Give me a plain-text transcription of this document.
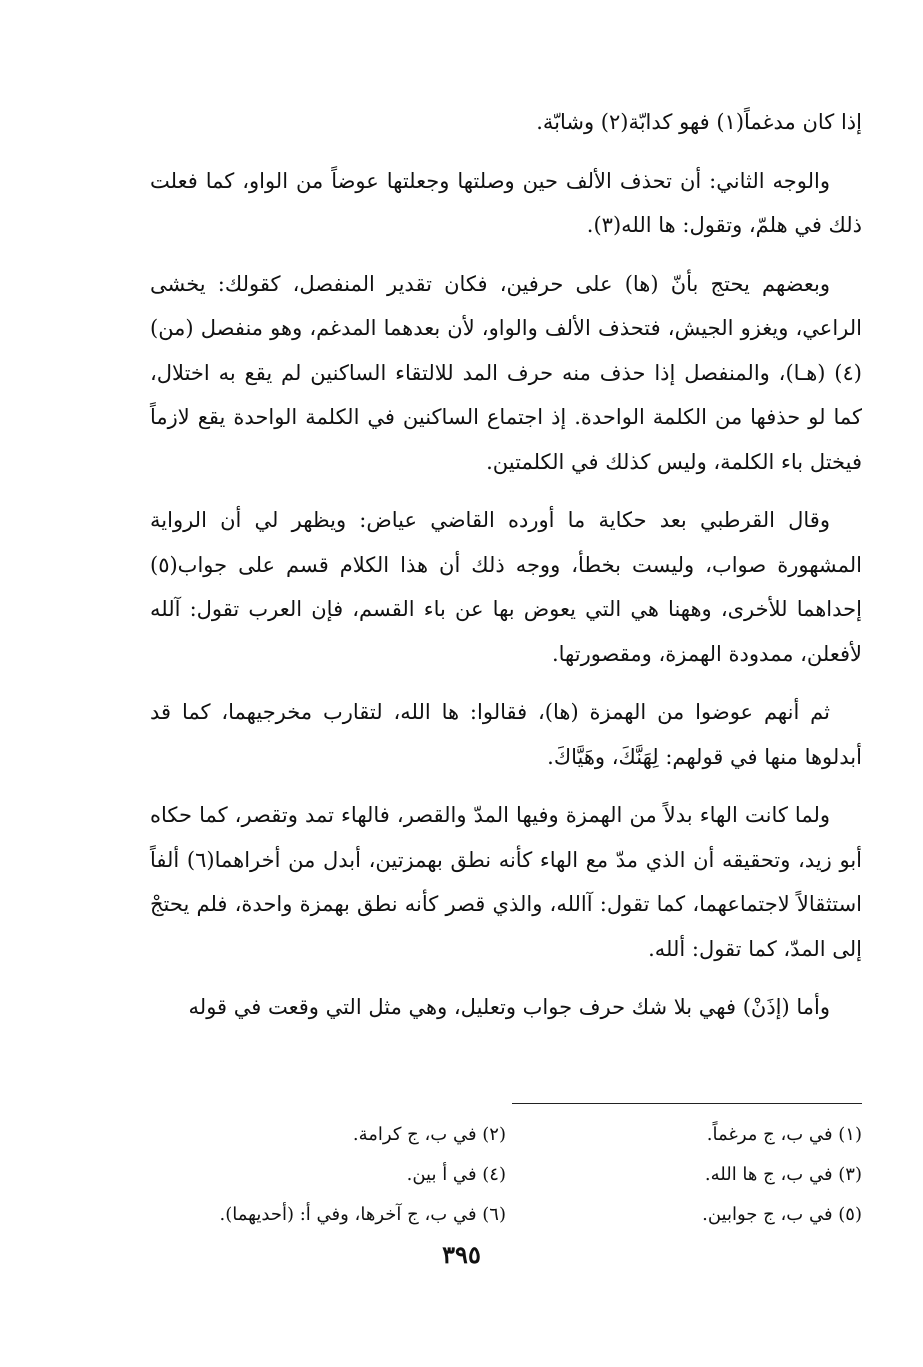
إذا كان مدغماً(١) فهو كدابّة(٢) وشابّة.

والوجه الثاني: أن تحذف الألف حين وصلتها وجعلتها عوضاً من الواو، كما فعلت ذلك في هلمّ، وتقول: ها الله(٣).

وبعضهم يحتج بأنّ (ها) على حرفين، فكان تقدير المنفصل، كقولك: يخشى الراعي، ويغزو الجيش، فتحذف الألف والواو، لأن بعدهما المدغم، وهو منفصل (من)(٤) (هـا)، والمنفصل إذا حذف منه حرف المد للالتقاء الساكنين لم يقع به اختلال، كما لو حذفها من الكلمة الواحدة. إذ اجتماع الساكنين في الكلمة الواحدة يقع لازماً فيختل باء الكلمة، وليس كذلك في الكلمتين.

وقال القرطبي بعد حكاية ما أورده القاضي عياض: ويظهر لي أن الرواية المشهورة صواب، وليست بخطأ، ووجه ذلك أن هذا الكلام قسم على جواب(٥) إحداهما للأخرى، وههنا هي التي يعوض بها عن باء القسم، فإن العرب تقول: آلله لأفعلن، ممدودة الهمزة، ومقصورتها.

ثم أنهم عوضوا من الهمزة (ها)، فقالوا: ها الله، لتقارب مخرجيهما، كما قد أبدلوها منها في قولهم: لِهَنَّكَ، وهَيَّاكَ.

ولما كانت الهاء بدلاً من الهمزة وفيها المدّ والقصر، فالهاء تمد وتقصر، كما حكاه أبو زيد، وتحقيقه أن الذي مدّ مع الهاء كأنه نطق بهمزتين، أبدل من أخراهما(٦) ألفاً استثقالاً لاجتماعهما، كما تقول: آالله، والذي قصر كأنه نطق بهمزة واحدة، فلم يحتجْ إلى المدّ، كما تقول: ألله.

وأما (إذَنْ) فهي بلا شك حرف جواب وتعليل، وهي مثل التي وقعت في قوله

(١) في ب، ج مرغماً.
(٢) في ب، ج كرامة.
(٣) في ب، ج ها الله.
(٤) في أ بين.
(٥) في ب، ج جوابين.
(٦) في ب، ج آخرها، وفي أ: (أحديهما).
٣٩٥
